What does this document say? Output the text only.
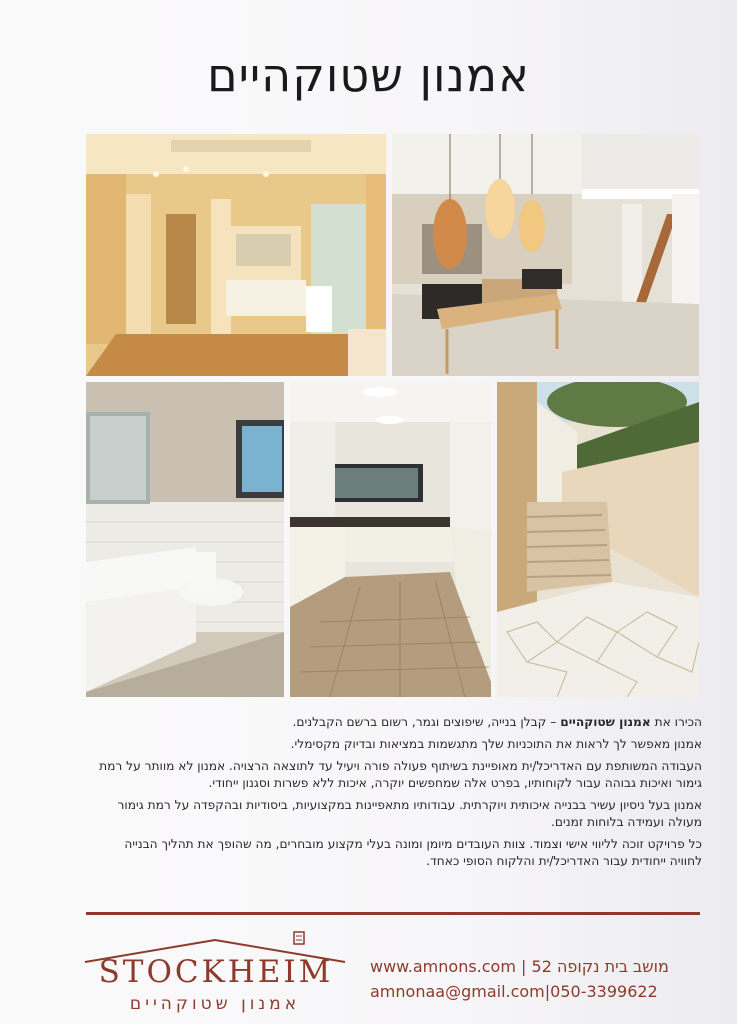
אמנון שטוקהיים

הכירו את אמנון שטוקהיים – קבלן בנייה, שיפוצים וגמר, רשום ברשם הקבלנים.

אמנון מאפשר לך לראות את התוכניות שלך מתגשמות במציאות ובדיוק מקסימלי.

העבודה המשותפת עם האדריכל/ית מאופיינת בשיתוף פעולה פורה ויעיל עד לתוצאה הרצויה. אמנון לא מוותר על רמת גימור ואיכות גבוהה עבור לקוחותיו, בפרט אלה שמחפשים יוקרה, איכות ללא פשרות וסגנון ייחודי.

אמנון בעל ניסיון עשיר בבנייה איכותית ויוקרתית. עבודותיו מתאפיינות במקצועיות, ביסודיות ובהקפדה על רמת גימור מעולה ועמידה בלוחות זמנים.

כל פרויקט זוכה לליווי אישי וצמוד. צוות העובדים מיומן ומונה בעלי מקצוע מובחרים, מה שהופך את תהליך הבנייה לחוויה ייחודית עבור האדריכל/ית והלקוח הסופי כאחד.

STOCKHEIM
אמנון שטוקהיים
www.amnons.com | מושב בית נקופה 52
amnonaa@gmail.com|050-3399622
